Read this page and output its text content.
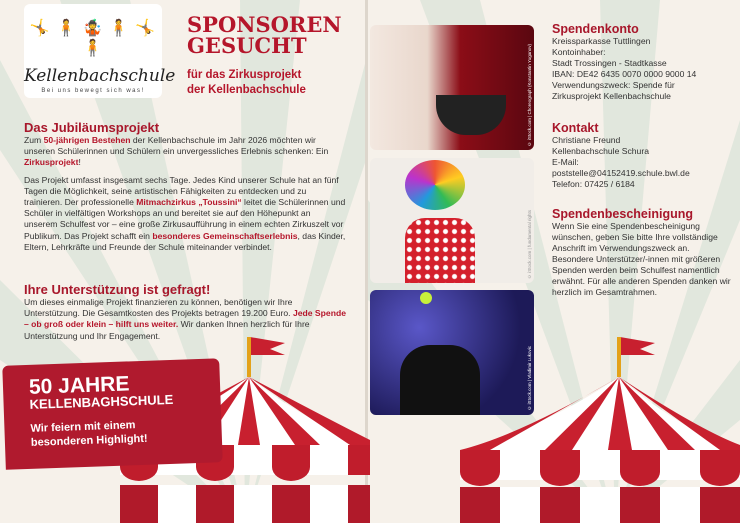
🤸 🧍 🤹 🧍 🤸 🧍
Kellenbachschule
Bei uns bewegt sich was!
SPONSOREN
GESUCHT
für das Zirkusprojekt
der Kellenbachschule
Das Jubiläumsprojekt

Zum 50-jährigen Bestehen der Kellenbachschule im Jahr 2026 möchten wir unseren Schülerinnen und Schülern ein unvergessliches Erlebnis schenken: Ein Zirkusprojekt!

Das Projekt umfasst insgesamt sechs Tage. Jedes Kind unserer Schule hat an fünf Tagen die Möglichkeit, seine artistischen Fähigkeiten zu entdecken und zu trainieren. Der professionelle Mitmachzirkus „Toussini“ leitet die Schülerinnen und Schüler in vielfältigen Workshops an und bereitet sie auf den Höhepunkt an unserem Schulfest vor – eine große Zirkusaufführung in einem echten Zirkuszelt vor Publikum. Das Projekt schafft ein besonderes Gemeinschaftserlebnis, das Kinder, Eltern, Lehrkräfte und Freunde der Schule miteinander verbindet.

Ihre Unterstützung ist gefragt!

Um dieses einmalige Projekt finanzieren zu können, benötigen wir Ihre Unterstützung. Die Gesamtkosten des Projekts betragen 19.200 Euro. Jede Spende – ob groß oder klein – hilft uns weiter. Wir danken Ihnen herzlich für Ihre Unterstützung und Ihr Engagement.

50 JAHRE
KELLENBAGHSCHULE
Wir feiern mit einem
besonderen Highlight!
© iStock.com | Choreograph (Konstantin Yuganov)
© iStock.com | fundamental rights
© iStock.com | Vladimir Lukovic
Spendenkonto

Kreissparkasse Tuttlingen

Kontoinhaber:

Stadt Trossingen - Stadtkasse

IBAN: DE42 6435 0070 0000 9000 14

Verwendungszweck: Spende für

Zirkusprojekt Kellenbachschule

Kontakt

Christiane Freund

Kellenbachschule Schura

E-Mail:

poststelle@04152419.schule.bwl.de

Telefon: 07425 / 6184

Spendenbescheinigung

Wenn Sie eine Spendenbescheinigung wünschen, geben Sie bitte Ihre vollständige Anschrift im Verwendungszweck an. Besondere Unterstützer/-innen mit größeren Spenden werden beim Schulfest namentlich erwähnt. Für alle anderen Spenden danken wir herzlich im Gesamtrahmen.
